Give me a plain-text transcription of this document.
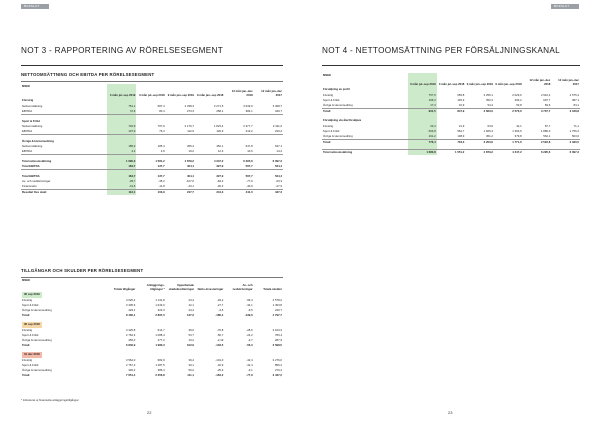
BOKSLUT	BOKSLUT
NOT 3 - RAPPORTERING AV RÖRELSESEGMENT
NETTOOMSÄTTNING OCH EBITDA PER RÖRELSESEGMENT
MSEK						
	3 mån jul–sep 2019	3 mån jul–sep 2018	9 mån jan–sep 2019	9 mån jan–sep 2018	12 mån jan–dec 2018	12 mån jan–dec 2017
Fönstrig						
Nettoomsättning	751,1	687,4	2 338,3	2 271,5	3 649,0	3 468,7
EBITDA	72,6	80,4	273,3	258,1	384,1	349,7

Sport & Fritid						
Nettoomsättning	746,9	707,9	2 176,7	1 823,4	2 377,7	2 311,0
EBITDA	107,9	76,3	112,9	120,9	213,2	220,2

Övriga & Hemsmediring						
Nettoomsättning	185,3	185,4	455,4	452,1	647,8	637,1
EBITDA	4,2	3,9	19,2	12,3	10,6	14,4

Total nettoomsättning	1 690,3	1 581,2	4 879,2	4 347,2	6 295,6	6 097,3
Total EBITDA	184,7	137,7	404,1	327,9	567,7	534,4

Total EBITDA	184,7	137,7	404,1	327,9	567,7	534,4
Av- och nedskrivningar	-35,7	-35,2	-107,6	-84,3	-77,9	-63,3
Finansnetto	-31,6	-11,8	-43,1	-30,3	-40,9	-27,9
Resultat före skatt	113,1	103,9	247,7	244,3	441,0	437,2
TILLGÅNGAR OCH SKULDER PER RÖRELSESEGMENT
MSEK						
	Totala tillgångar	Anläggnings-tillgångar *	Upparbetade skattekrediteringar	Netto-investeringar	Av- och nedskrivningar	Totala skulder
30 sep 2019						
Fönstrig	4 025,4	1 131,8	23,4	-49,2	-96,4	2 578,2
Sport & Fritid	3 405,6	1 643,0	42,1	-27,7	-34,1	1 453,8
Övriga & Hemsmediring	429,1	322,3	24,4	-3,5	-9,5	240,7
Totalt	8 436,1	2 897,0	137,2	-186,4	-139,6	4 797,7

30 sep 2018						
Fönstrig	3 425,8	614,7	39,0	-76,8	-28,6	2 163,3
Sport & Fritid	2 764,3	1 088,4	53,7	-56,7	-24,2	783,4
Övriga & Hemsmediring	456,3	277,2	10,2	-2,19	-3,7	287,9
Totalt	6 846,9	1 980,3	102,9	-133,5	-56,3	3 598,5

31 dec 2018						
Fönstrig	3 564,0	682,9	39,4	-101,0	-42,4	2 276,0
Sport & Fritid	2 767,3	1 287,5	30,1	-32,9	-32,4	856,2
Övriga & Hemsmediring	330,2	386,4	50,2	-25,3	-3,1	270,2
Totalt	7 651,4	2 356,8	111,1	-163,2	-77,9	3 437,2

* Inkluderar ej finansiella anläggningstillgångar
22
NOT 4 - NETTOOMSÄTTNING PER FÖRSÄLJNINGSKANAL
MSEK						
	3 mån jul–sep 2019	3 mån jul–sep 2018	9 mån jan–sep 2019	9 mån jan–sep 2018	12 mån jan–dec 2018	12 mån jan–dec 2017
Försäljning av profil						
Fönstrig	757,5	665,8	2 256,1	2 029,6	2 910,4	2 575,4
Sport & Fritid	105,3	145,3	352,3	493,2	697,7	387,1
Övriga & Hemsmediring	17,3	16,9	54,4	53,8	83,6	84,1
Totalt	901,5	847,9	2 663,0	2 576,6	3 707,7	3 046,8

Försäljning via återförsäljare						
Fönstrig	23,4	21,9	63,9	42,1	87,7	71,1
Sport & Fritid	603,8	562,7	1 665,4	1 393,6	1 880,0	1 756,3
Övriga & Hemsmediring	161,2	138,9	451,2	379,8	562,1	503,0
Totalt	776,4	703,3	2 203,6	1 771,6	2 522,8	2 330,5

Total nettoomsättning	1 680,8	1 551,2	4 879,2	4 347,2	6 295,6	6 097,3
23
